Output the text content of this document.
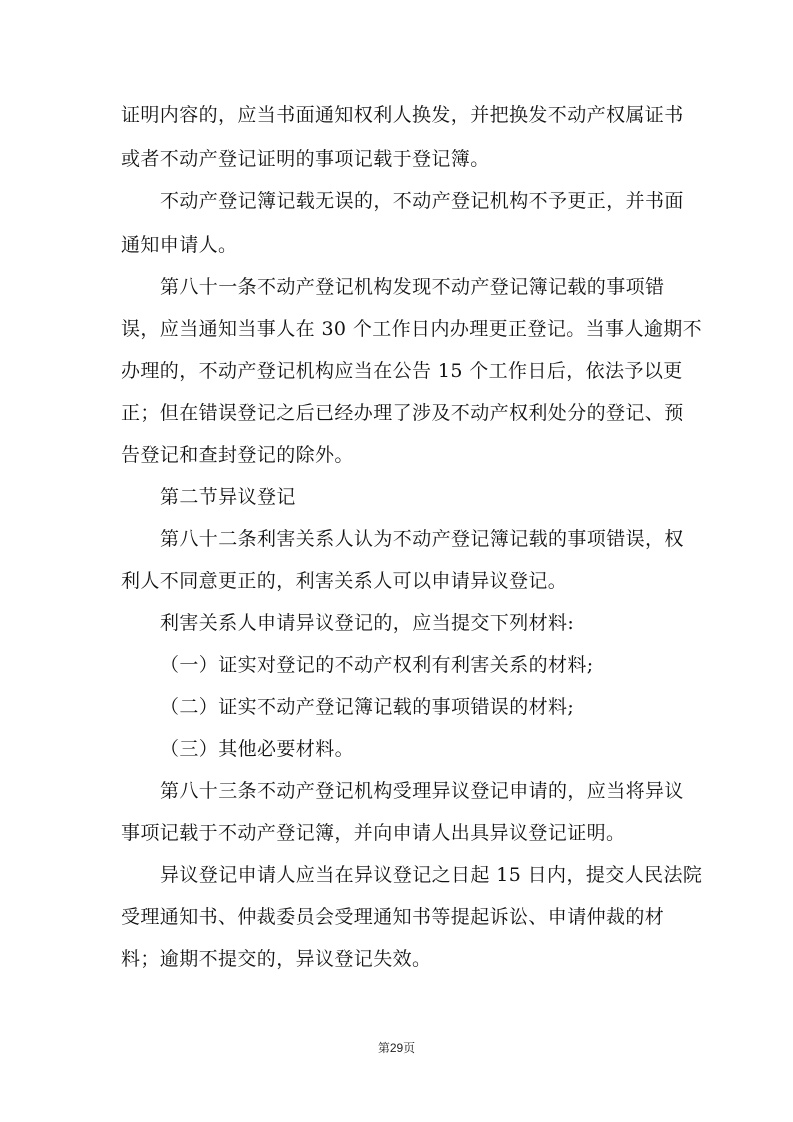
证明内容的，应当书面通知权利人换发，并把换发不动产权属证书
或者不动产登记证明的事项记载于登记簿。
不动产登记簿记载无误的，不动产登记机构不予更正，并书面
通知申请人。
第八十一条不动产登记机构发现不动产登记簿记载的事项错
误，应当通知当事人在 30 个工作日内办理更正登记。当事人逾期不
办理的，不动产登记机构应当在公告 15 个工作日后，依法予以更
正；但在错误登记之后已经办理了涉及不动产权利处分的登记、预
告登记和查封登记的除外。
第二节异议登记
第八十二条利害关系人认为不动产登记簿记载的事项错误，权
利人不同意更正的，利害关系人可以申请异议登记。
利害关系人申请异议登记的，应当提交下列材料:
（一）证实对登记的不动产权利有利害关系的材料;
（二）证实不动产登记簿记载的事项错误的材料;
（三）其他必要材料。
第八十三条不动产登记机构受理异议登记申请的，应当将异议
事项记载于不动产登记簿，并向申请人出具异议登记证明。
异议登记申请人应当在异议登记之日起 15 日内，提交人民法院
受理通知书、仲裁委员会受理通知书等提起诉讼、申请仲裁的材
料；逾期不提交的，异议登记失效。
第29页
